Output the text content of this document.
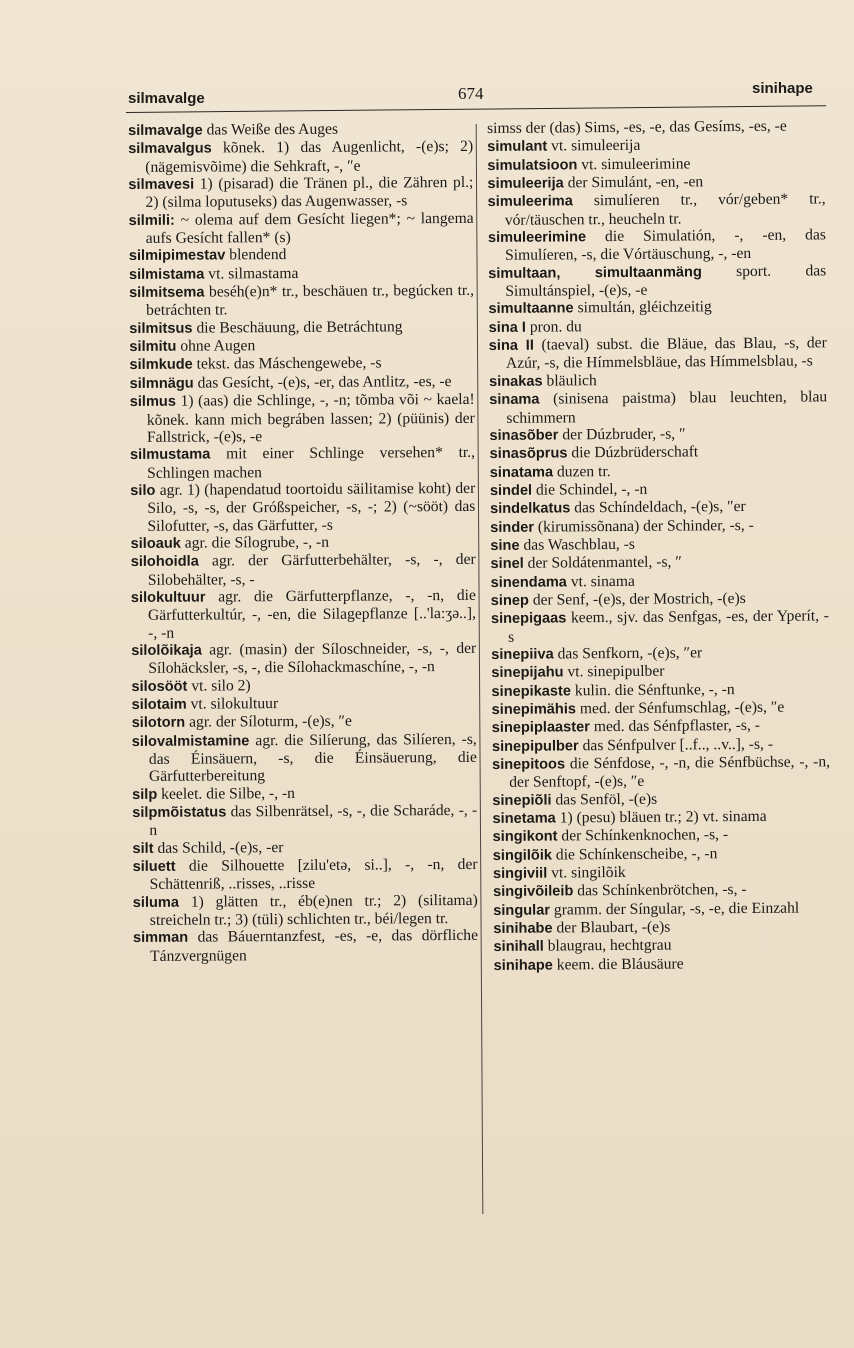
silmavalge	674	sinihape

silmavalge das Weiße des Auges

silmavalgus kõnek. 1) das Augenlicht, -(e)s; 2) (nägemisvõime) die Sehkraft, -, ″e

silmavesi 1) (pisarad) die Tränen pl., die Zähren pl.; 2) (silma loputuseks) das Augenwasser, -s

silmili: ~ olema auf dem Gesícht liegen*; ~ langema aufs Gesícht fallen* (s)

silmipimestav blendend

silmistama vt. silmastama

silmitsema beséh(e)n* tr., beschäuen tr., begúcken tr., betráchten tr.

silmitsus die Beschäuung, die Betráchtung

silmitu ohne Augen

silmkude tekst. das Máschengewebe, -s

silmnägu das Gesícht, -(e)s, -er, das Antlitz, -es, -e

silmus 1) (aas) die Schlinge, -, -n; tõmba või ~ kaela! kõnek. kann mich begráben lassen; 2) (püünis) der Fallstrick, -(e)s, -e

silmustama mit einer Schlinge versehen* tr., Schlingen machen

silo agr. 1) (hapendatud toortoidu säilitamise koht) der Silo, -s, -s, der Gróßspeicher, -s, -; 2) (~sööt) das Silofutter, -s, das Gärfutter, -s

siloauk agr. die Sílogrube, -, -n

silohoidla agr. der Gärfutterbehälter, -s, -, der Silobehälter, -s, -

silokultuur agr. die Gärfutterpflanze, -, -n, die Gärfutterkultúr, -, -en, die Silagepflanze [..'la:ʒə..], -, -n

silolõikaja agr. (masin) der Síloschneider, -s, -, der Sílohäcksler, -s, -, die Sílohackmaschíne, -, -n

silosööt vt. silo 2)

silotaim vt. silokultuur

silotorn agr. der Síloturm, -(e)s, ″e

silovalmistamine agr. die Silíerung, das Silíeren, -s, das Éinsäuern, -s, die Éinsäuerung, die Gärfutterbereitung

silp keelet. die Silbe, -, -n

silpmõistatus das Silbenrätsel, -s, -, die Scharáde, -, -n

silt das Schild, -(e)s, -er

siluett die Silhouette [zilu'etə, si..], -, -n, der Schättenriß, ..risses, ..risse

siluma 1) glätten tr., éb(e)nen tr.; 2) (silitama) streicheln tr.; 3) (tüli) schlichten tr., béi/legen tr.

simman das Báuerntanzfest, -es, -e, das dörfliche Tánzvergnügen

simss der (das) Sims, -es, -e, das Gesíms, -es, -e

simulant vt. simuleerija

simulatsioon vt. simuleerimine

simuleerija der Simulánt, -en, -en

simuleerima simulíeren tr., vór/geben* tr., vór/täuschen tr., heucheln tr.

simuleerimine die Simulatión, -, -en, das Simulíeren, -s, die Vórtäuschung, -, -en

simultaan, simultaanmäng sport. das Simultánspiel, -(e)s, -e

simultaanne simultán, gléichzeitig

sina I pron. du

sina II (taeval) subst. die Bläue, das Blau, -s, der Azúr, -s, die Hímmelsbläue, das Hímmelsblau, -s

sinakas bläulich

sinama (sinisena paistma) blau leuchten, blau schimmern

sinasõber der Dúzbruder, -s, ″

sinasõprus die Dúzbrüderschaft

sinatama duzen tr.

sindel die Schindel, -, -n

sindelkatus das Schíndeldach, -(e)s, ″er

sinder (kirumissõnana) der Schinder, -s, -

sine das Waschblau, -s

sinel der Soldátenmantel, -s, ″

sinendama vt. sinama

sinep der Senf, -(e)s, der Mostrich, -(e)s

sinepigaas keem., sjv. das Senfgas, -es, der Yperít, -s

sinepiiva das Senfkorn, -(e)s, ″er

sinepijahu vt. sinepipulber

sinepikaste kulin. die Sénftunke, -, -n

sinepimähis med. der Sénfumschlag, -(e)s, ″e

sinepiplaaster med. das Sénfpflaster, -s, -

sinepipulber das Sénfpulver [..f.., ..v..], -s, -

sinepitoos die Sénfdose, -, -n, die Sénfbüchse, -, -n, der Senftopf, -(e)s, ″e

sinepiõli das Senföl, -(e)s

sinetama 1) (pesu) bläuen tr.; 2) vt. sinama

singikont der Schínkenknochen, -s, -

singilõik die Schínkenscheibe, -, -n

singiviil vt. singilõik

singivõileib das Schínkenbrötchen, -s, -

singular gramm. der Síngular, -s, -e, die Einzahl

sinihabe der Blaubart, -(e)s

sinihall blaugrau, hechtgrau

sinihape keem. die Bláusäure
